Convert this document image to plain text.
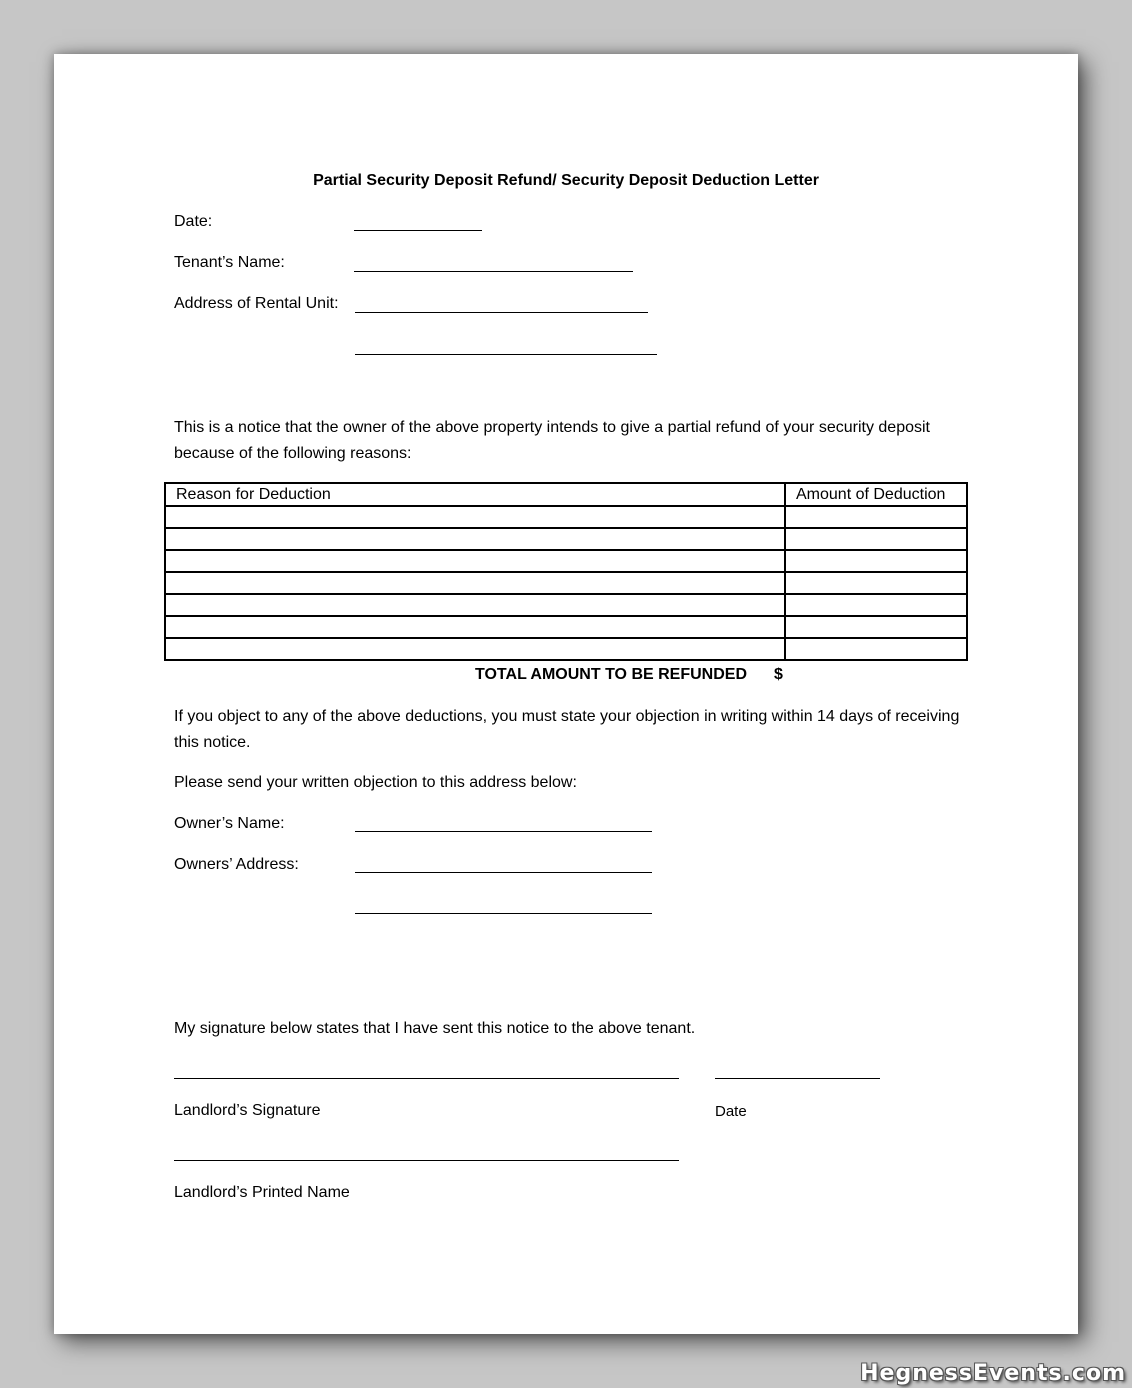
Partial Security Deposit Refund/ Security Deposit Deduction Letter
Date:
Tenant’s Name:
Address of Rental Unit:
This is a notice that the owner of the above property intends to give a partial refund of your security deposit because of the following reasons:
Reason for Deduction	Amount of Deduction

TOTAL AMOUNT TO BE REFUNDED $
If you object to any of the above deductions, you must state your objection in writing within 14 days of receiving this notice.
Please send your written objection to this address below:
Owner’s Name:
Owners’ Address:
My signature below states that I have sent this notice to the above tenant.
Landlord’s Signature	Date
Landlord’s Printed Name
HegnessEvents.com
